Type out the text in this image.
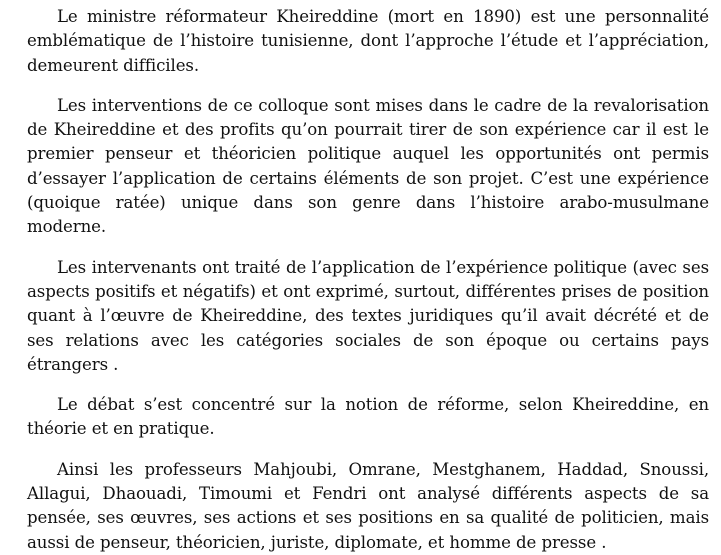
Le ministre réformateur Kheireddine (mort en 1890) est une personnalité emblématique de l’histoire tunisienne, dont l’approche l’étude et l’appréciation, demeurent difficiles.

Les interventions de ce colloque sont mises dans le cadre de la revalorisation de Kheireddine et des profits qu’on pourrait tirer de son expérience car il est le premier penseur et théoricien politique auquel les opportunités ont permis d’essayer l’application de certains éléments de son projet. C’est une expérience (quoique ratée) unique dans son genre dans l’histoire arabo-musulmane moderne.

Les intervenants ont traité de l’application de l’expérience politique (avec ses aspects positifs et négatifs) et ont exprimé, surtout, différentes prises de position quant à l’œuvre de Kheireddine, des textes juridiques qu’il avait décrété et de ses relations avec les catégories sociales de son époque ou certains pays étrangers .

Le débat s’est concentré sur la notion de réforme, selon Kheireddine, en théorie et en pratique.

Ainsi les professeurs Mahjoubi, Omrane, Mestghanem, Haddad, Snoussi, Allagui, Dhaouadi, Timoumi et Fendri ont analysé différents aspects de sa pensée, ses œuvres, ses actions et ses positions en sa qualité de politicien, mais aussi de penseur, théoricien, juriste, diplomate, et homme de presse .
